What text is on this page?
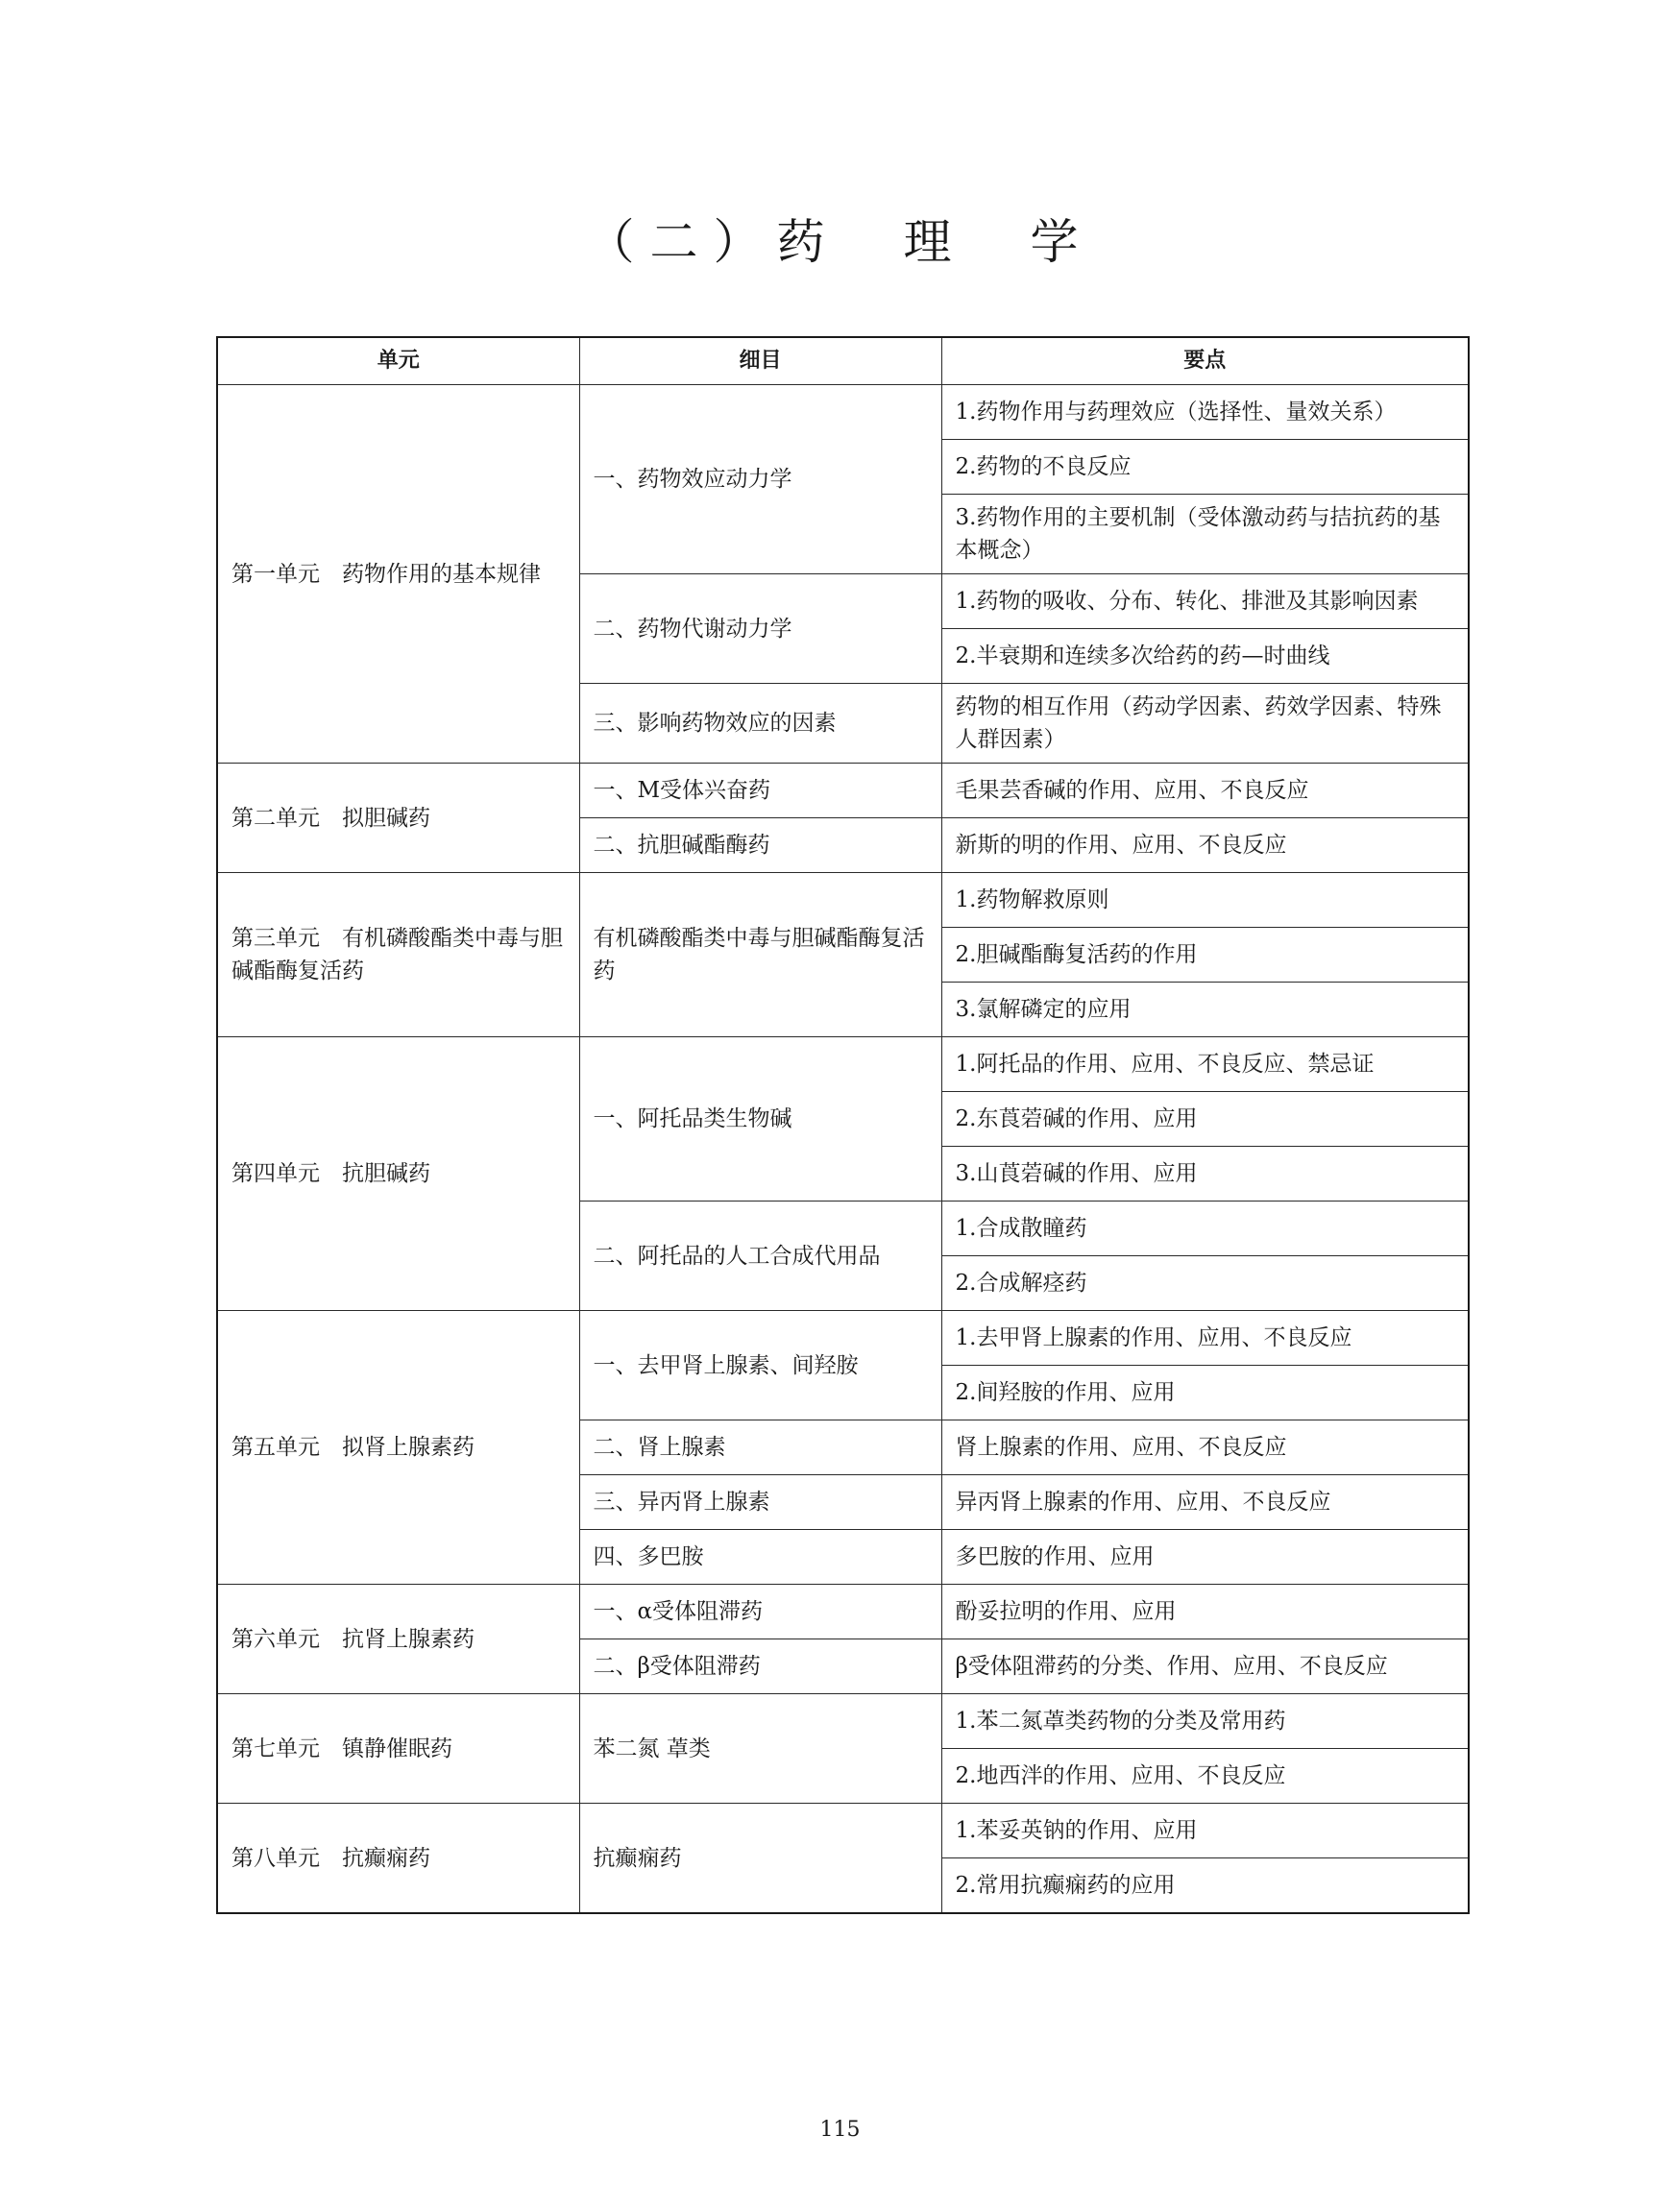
（二）药　理　学
单元	细目	要点
第一单元　药物作用的基本规律	一、药物效应动力学	1.药物作用与药理效应（选择性、量效关系）
		2.药物的不良反应
		3.药物作用的主要机制（受体激动药与拮抗药的基本概念）
	二、药物代谢动力学	1.药物的吸收、分布、转化、排泄及其影响因素
		2.半衰期和连续多次给药的药—时曲线
	三、影响药物效应的因素	药物的相互作用（药动学因素、药效学因素、特殊人群因素）
第二单元　拟胆碱药	一、M受体兴奋药	毛果芸香碱的作用、应用、不良反应
	二、抗胆碱酯酶药	新斯的明的作用、应用、不良反应
第三单元　有机磷酸酯类中毒与胆碱酯酶复活药	有机磷酸酯类中毒与胆碱酯酶复活药	1.药物解救原则
		2.胆碱酯酶复活药的作用
		3.氯解磷定的应用
第四单元　抗胆碱药	一、阿托品类生物碱	1.阿托品的作用、应用、不良反应、禁忌证
		2.东莨菪碱的作用、应用
		3.山莨菪碱的作用、应用
	二、阿托品的人工合成代用品	1.合成散瞳药
		2.合成解痉药
第五单元　拟肾上腺素药	一、去甲肾上腺素、间羟胺	1.去甲肾上腺素的作用、应用、不良反应
		2.间羟胺的作用、应用
	二、肾上腺素	肾上腺素的作用、应用、不良反应
	三、异丙肾上腺素	异丙肾上腺素的作用、应用、不良反应
	四、多巴胺	多巴胺的作用、应用
第六单元　抗肾上腺素药	一、α受体阻滞药	酚妥拉明的作用、应用
	二、β受体阻滞药	β受体阻滞药的分类、作用、应用、不良反应
第七单元　镇静催眠药	苯二氮 䓬类	1.苯二氮䓬类药物的分类及常用药
		2.地西泮的作用、应用、不良反应
第八单元　抗癫痫药	抗癫痫药	1.苯妥英钠的作用、应用
		2.常用抗癫痫药的应用
115
